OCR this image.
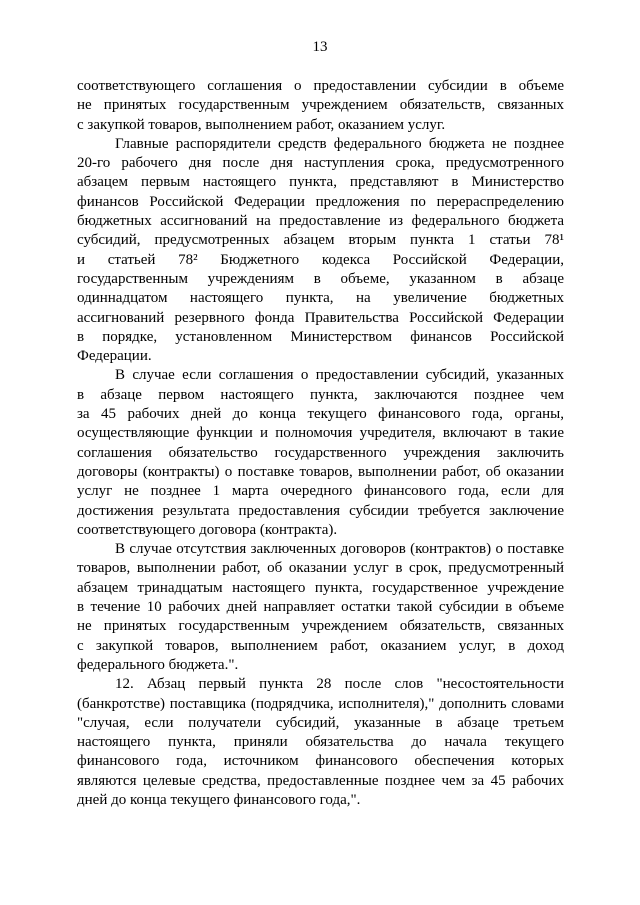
13
соответствующего соглашения о предоставлении субсидии в объеме
не принятых государственным учреждением обязательств, связанных
с закупкой товаров, выполнением работ, оказанием услуг.
Главные распорядители средств федерального бюджета не позднее
20-го рабочего дня после дня наступления срока, предусмотренного
абзацем первым настоящего пункта, представляют в Министерство
финансов Российской Федерации предложения по перераспределению
бюджетных ассигнований на предоставление из федерального бюджета
субсидий, предусмотренных абзацем вторым пункта 1 статьи 78¹
и статьей 78² Бюджетного кодекса Российской Федерации,
государственным учреждениям в объеме, указанном в абзаце
одиннадцатом настоящего пункта, на увеличение бюджетных
ассигнований резервного фонда Правительства Российской Федерации
в порядке, установленном Министерством финансов Российской
Федерации.
В случае если соглашения о предоставлении субсидий, указанных
в абзаце первом настоящего пункта, заключаются позднее чем
за 45 рабочих дней до конца текущего финансового года, органы,
осуществляющие функции и полномочия учредителя, включают в такие
соглашения обязательство государственного учреждения заключить
договоры (контракты) о поставке товаров, выполнении работ, об оказании
услуг не позднее 1 марта очередного финансового года, если для
достижения результата предоставления субсидии требуется заключение
соответствующего договора (контракта).
В случае отсутствия заключенных договоров (контрактов) о поставке
товаров, выполнении работ, об оказании услуг в срок, предусмотренный
абзацем тринадцатым настоящего пункта, государственное учреждение
в течение 10 рабочих дней направляет остатки такой субсидии в объеме
не принятых государственным учреждением обязательств, связанных
с закупкой товаров, выполнением работ, оказанием услуг, в доход
федерального бюджета.".
12. Абзац первый пункта 28 после слов "несостоятельности
(банкротстве) поставщика (подрядчика, исполнителя)," дополнить словами
"случая, если получатели субсидий, указанные в абзаце третьем
настоящего пункта, приняли обязательства до начала текущего
финансового года, источником финансового обеспечения которых
являются целевые средства, предоставленные позднее чем за 45 рабочих
дней до конца текущего финансового года,".
